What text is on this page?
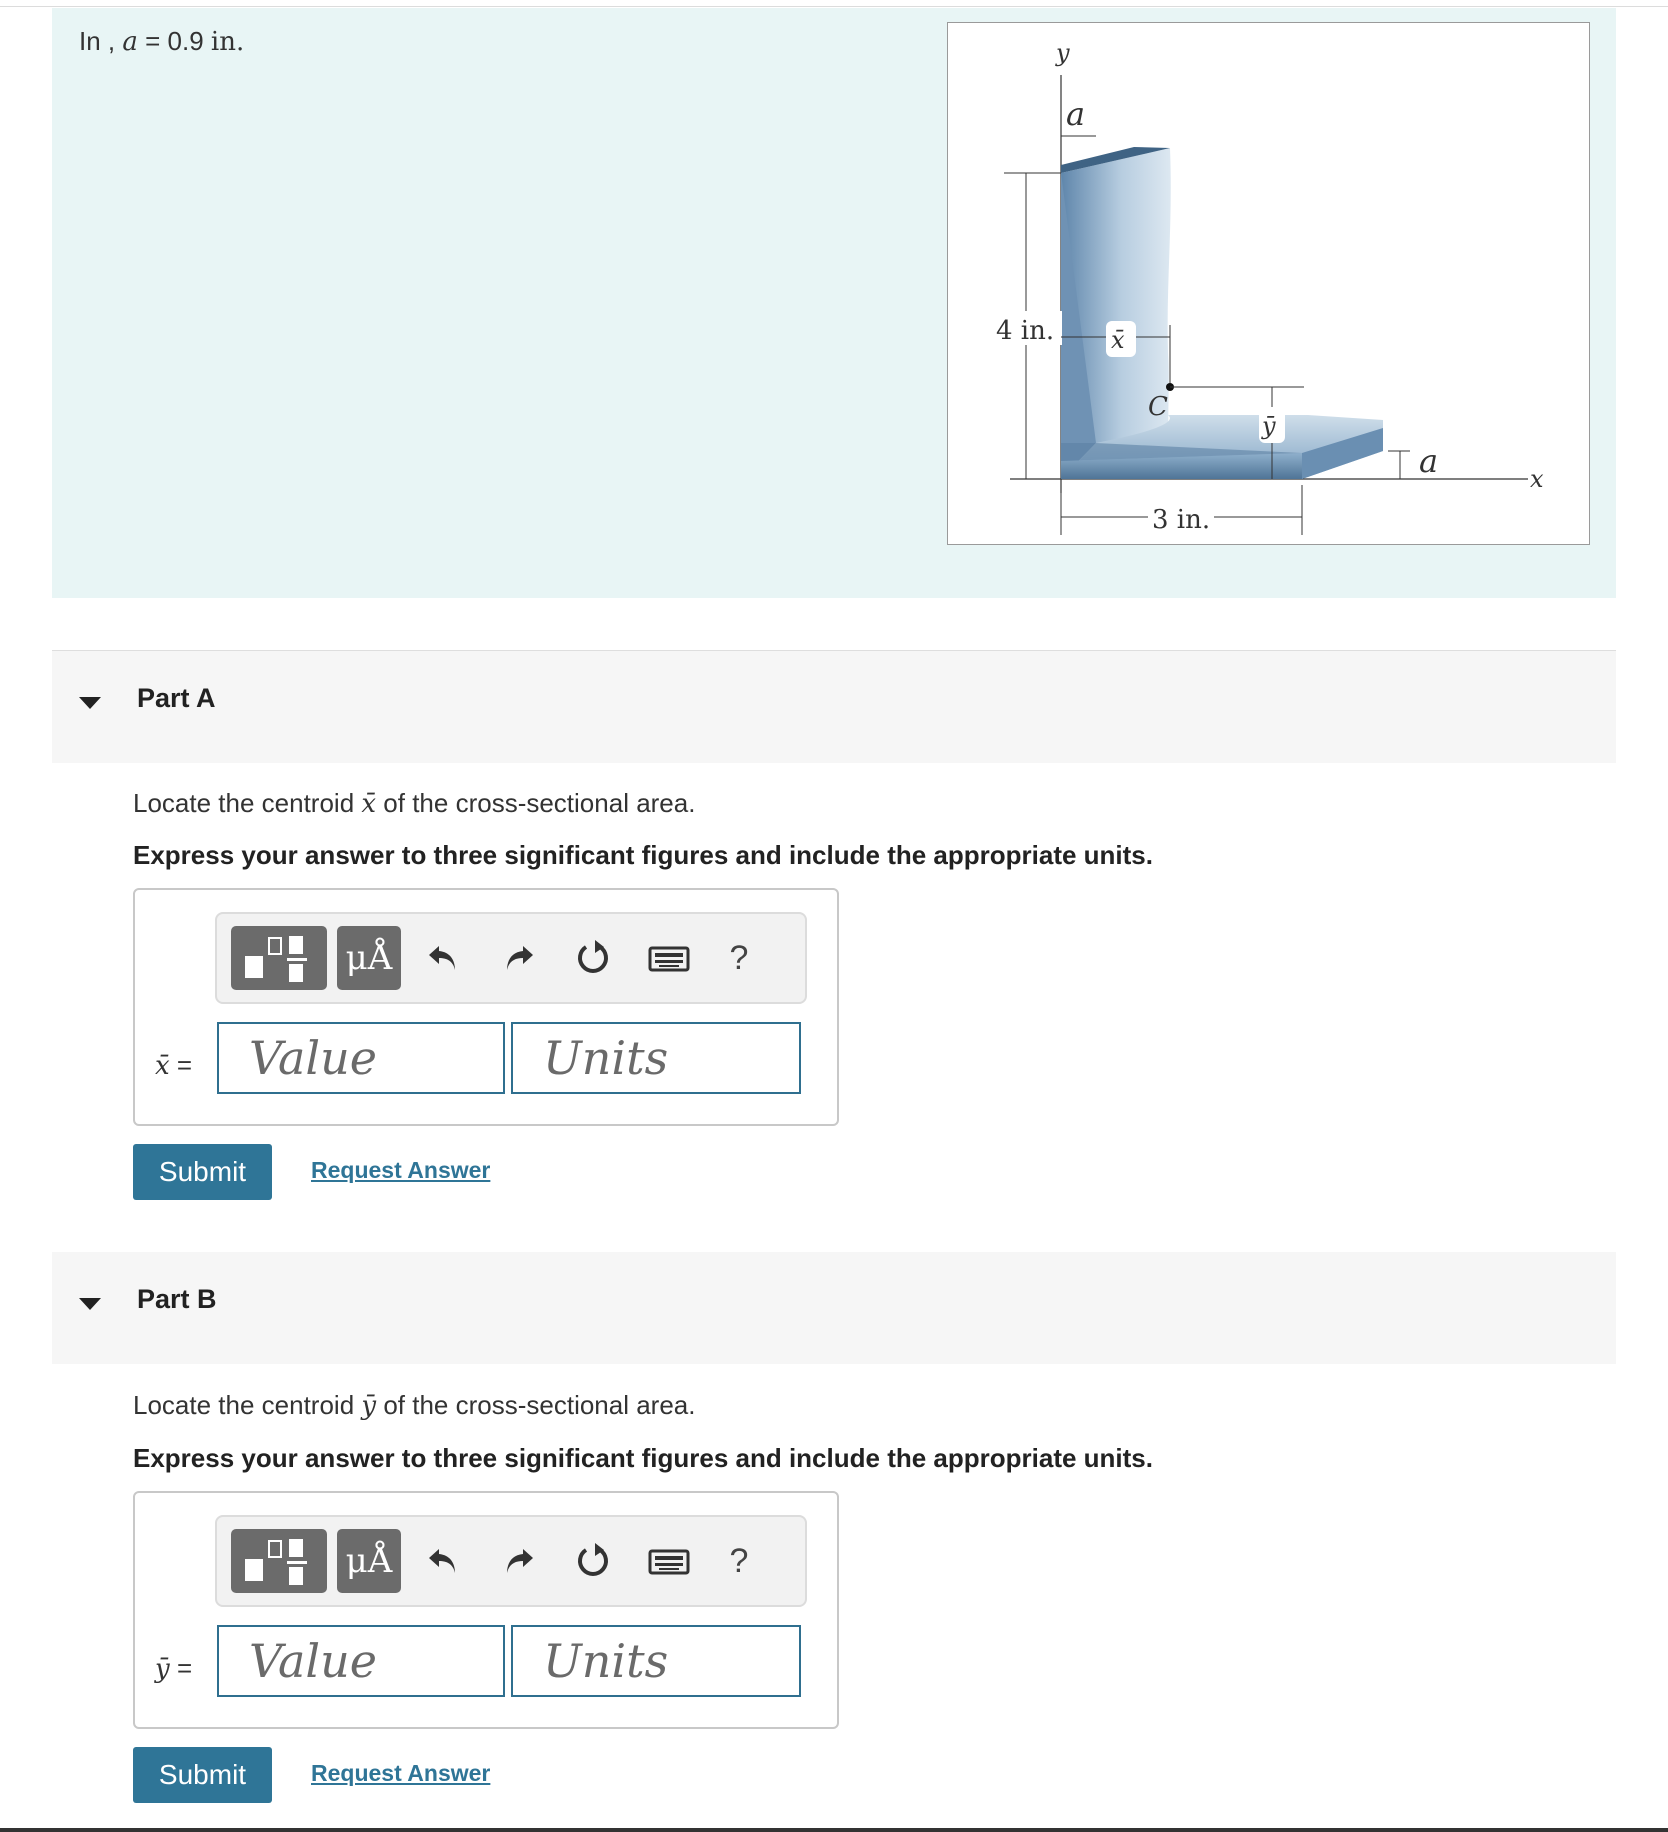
In , a = 0.9 in.	y
x
a
4 in. x̄
C
ȳ
a
3 in.
Part A
Locate the centroid x̄ of the cross-sectional area.
Express your answer to three significant figures and include the appropriate units.
μÅ	?
x̄ =
Value
Units
Submit	Request Answer
Part B
Locate the centroid ȳ of the cross-sectional area.
Express your answer to three significant figures and include the appropriate units.
μÅ	?
ȳ =
Value
Units
Submit	Request Answer
